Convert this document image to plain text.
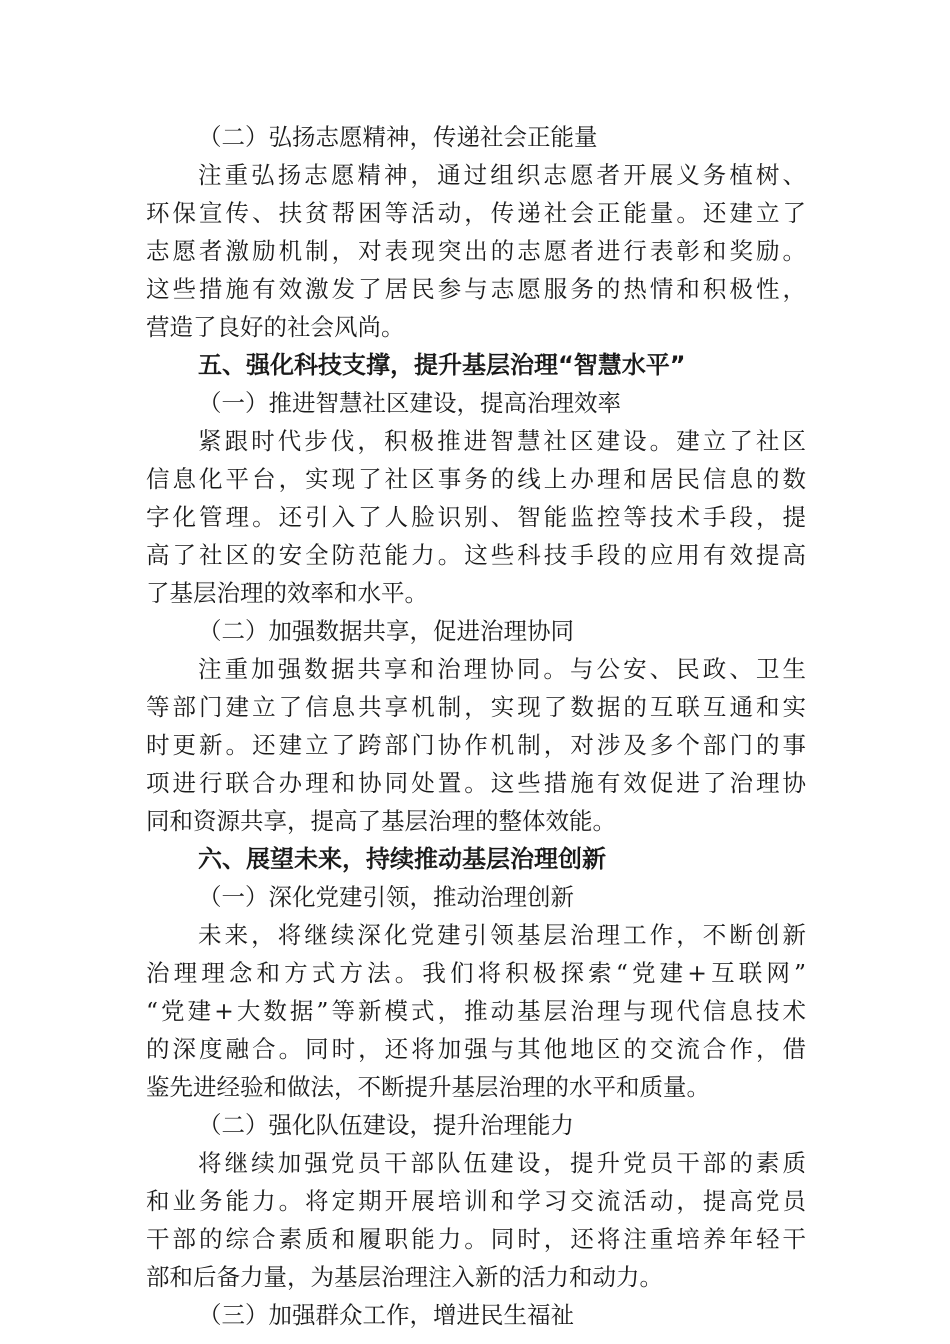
（二）弘扬志愿精神，传递社会正能量
注重弘扬志愿精神，通过组织志愿者开展义务植树、
环保宣传、扶贫帮困等活动，传递社会正能量。还建立了
志愿者激励机制，对表现突出的志愿者进行表彰和奖励。
这些措施有效激发了居民参与志愿服务的热情和积极性，
营造了良好的社会风尚。
五、强化科技支撑，提升基层治理“智慧水平”
（一）推进智慧社区建设，提高治理效率
紧跟时代步伐，积极推进智慧社区建设。建立了社区
信息化平台，实现了社区事务的线上办理和居民信息的数
字化管理。还引入了人脸识别、智能监控等技术手段，提
高了社区的安全防范能力。这些科技手段的应用有效提高
了基层治理的效率和水平。
（二）加强数据共享，促进治理协同
注重加强数据共享和治理协同。与公安、民政、卫生
等部门建立了信息共享机制，实现了数据的互联互通和实
时更新。还建立了跨部门协作机制，对涉及多个部门的事
项进行联合办理和协同处置。这些措施有效促进了治理协
同和资源共享，提高了基层治理的整体效能。
六、展望未来，持续推动基层治理创新
（一）深化党建引领，推动治理创新
未来，将继续深化党建引领基层治理工作，不断创新
治理理念和方式方法。我们将积极探索“党建+互联网”
“党建+大数据”等新模式，推动基层治理与现代信息技术
的深度融合。同时，还将加强与其他地区的交流合作，借
鉴先进经验和做法，不断提升基层治理的水平和质量。
（二）强化队伍建设，提升治理能力
将继续加强党员干部队伍建设，提升党员干部的素质
和业务能力。将定期开展培训和学习交流活动，提高党员
干部的综合素质和履职能力。同时，还将注重培养年轻干
部和后备力量，为基层治理注入新的活力和动力。
（三）加强群众工作，增进民生福祉
